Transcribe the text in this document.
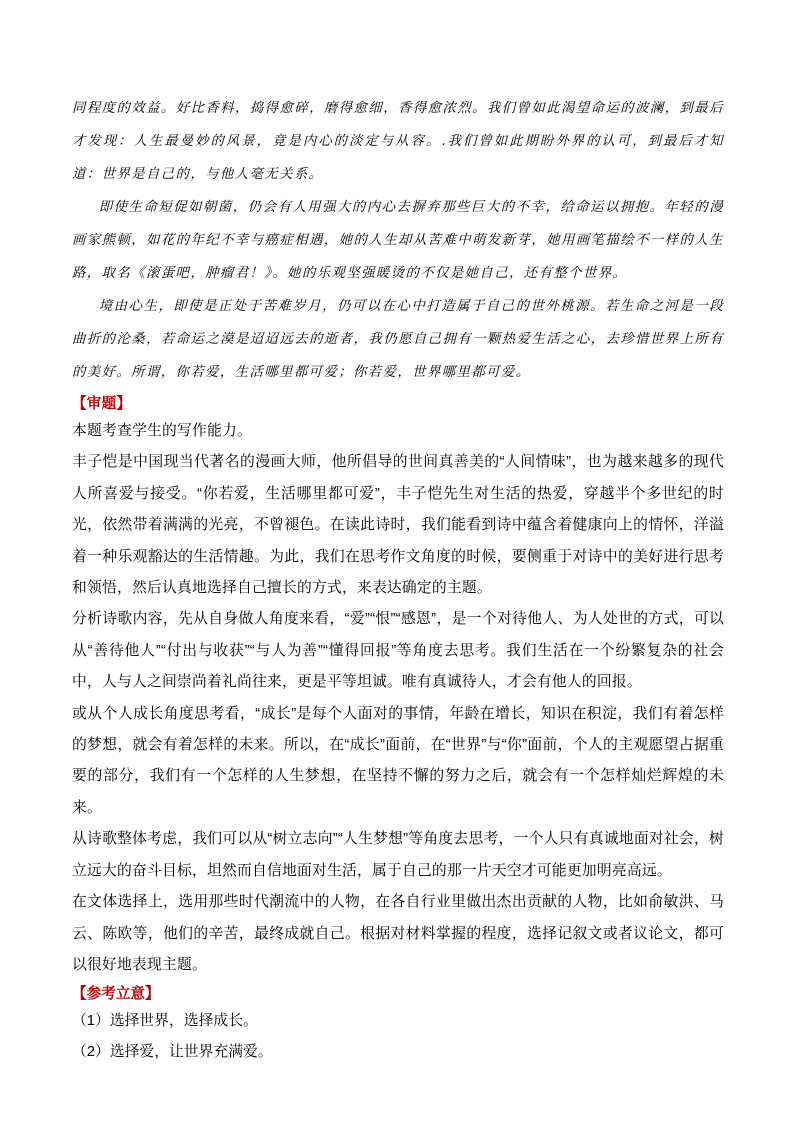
同程度的效益。好比香料，捣得愈碎，磨得愈细，香得愈浓烈。我们曾如此渴望命运的波澜，到最后才发现：人生最曼妙的风景，竟是内心的淡定与从容。.我们曾如此期盼外界的认可，到最后才知道：世界是自己的，与他人毫无关系。

即使生命短促如朝菌，仍会有人用强大的内心去摒弃那些巨大的不幸，给命运以拥抱。年轻的漫画家熊顿，如花的年纪不幸与癌症相遇，她的人生却从苦难中萌发新芽，她用画笔描绘不一样的人生路，取名《滚蛋吧，肿瘤君！》。她的乐观坚强暖烫的不仅是她自己，还有整个世界。

境由心生，即使是正处于苦难岁月，仍可以在心中打造属于自己的世外桃源。若生命之河是一段曲折的沦桑，若命运之漠是迢迢远去的逝者，我仍愿自己拥有一颗热爱生活之心，去珍惜世界上所有的美好。所谓，你若爱，生活哪里都可爱；你若爱，世界哪里都可爱。

【审题】

本题考查学生的写作能力。

丰子恺是中国现当代著名的漫画大师，他所倡导的世间真善美的“人间情味”，也为越来越多的现代人所喜爱与接受。“你若爱，生活哪里都可爱”，丰子恺先生对生活的热爱，穿越半个多世纪的时光，依然带着满满的光亮，不曾褪色。在读此诗时，我们能看到诗中蕴含着健康向上的情怀，洋溢着一种乐观豁达的生活情趣。为此，我们在思考作文角度的时候，要侧重于对诗中的美好进行思考和领悟，然后认真地选择自己擅长的方式，来表达确定的主题。

分析诗歌内容，先从自身做人角度来看，“爱”“恨”“感恩”，是一个对待他人、为人处世的方式，可以从“善待他人”“付出与收获”“与人为善”“懂得回报”等角度去思考。我们生活在一个纷繁复杂的社会中，人与人之间崇尚着礼尚往来，更是平等坦诚。唯有真诚待人，才会有他人的回报。

或从个人成长角度思考看，“成长”是每个人面对的事情，年龄在增长，知识在积淀，我们有着怎样的梦想，就会有着怎样的未来。所以，在“成长”面前，在“世界”与“你”面前，个人的主观愿望占据重要的部分，我们有一个怎样的人生梦想，在坚持不懈的努力之后，就会有一个怎样灿烂辉煌的未来。

从诗歌整体考虑，我们可以从“树立志向”“人生梦想”等角度去思考，一个人只有真诚地面对社会，树立远大的奋斗目标，坦然而自信地面对生活，属于自己的那一片天空才可能更加明亮高远。

在文体选择上，选用那些时代潮流中的人物，在各自行业里做出杰出贡献的人物，比如俞敏洪、马云、陈欧等，他们的辛苦，最终成就自己。根据对材料掌握的程度，选择记叙文或者议论文，都可以很好地表现主题。

【参考立意】

（1）选择世界，选择成长。

（2）选择爱，让世界充满爱。
